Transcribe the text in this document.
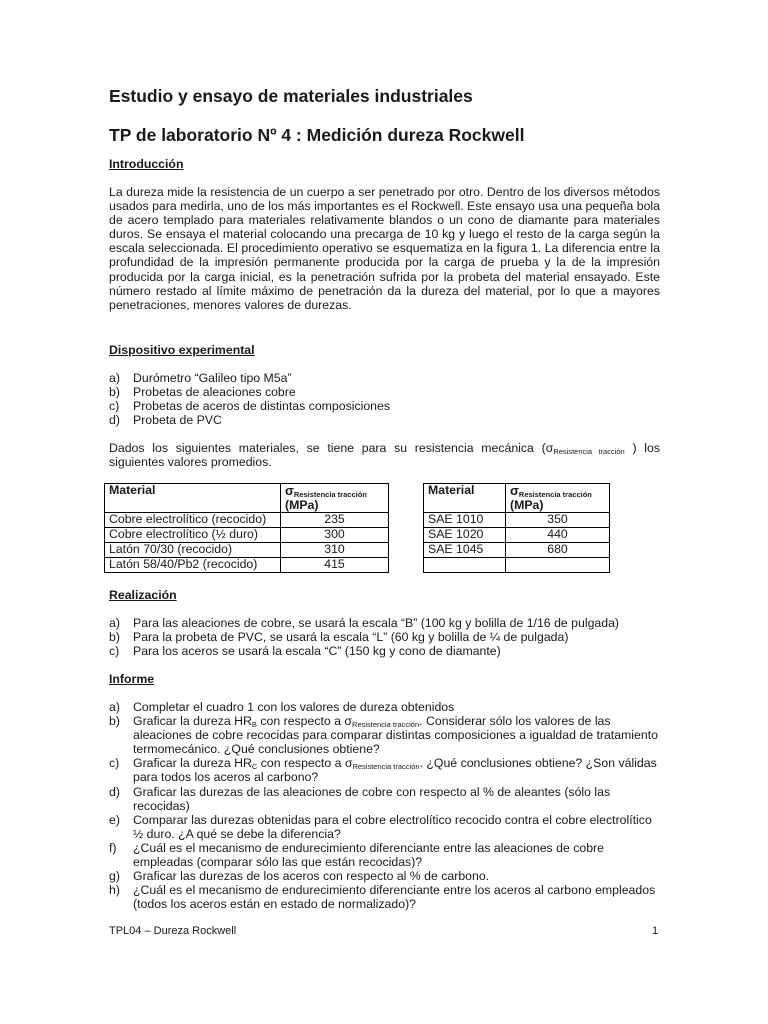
Estudio y ensayo de materiales industriales
TP de laboratorio Nº 4 : Medición dureza Rockwell
Introducción

La dureza mide la resistencia de un cuerpo a ser penetrado por otro. Dentro de los diversos métodos usados para medirla, uno de los más importantes es el Rockwell. Este ensayo usa una pequeña bola de acero templado para materiales relativamente blandos o un cono de diamante para materiales duros. Se ensaya el material colocando una precarga de 10 kg y luego el resto de la carga según la escala seleccionada. El procedimiento operativo se esquematiza en la figura 1. La diferencia entre la profundidad de la impresión permanente producida por la carga de prueba y la de la impresión producida por la carga inicial, es la penetración sufrida por la probeta del material ensayado. Este número restado al límite máximo de penetración da la dureza del material, por lo que a mayores penetraciones, menores valores de durezas.

Dispositivo experimental
a) Durómetro “Galileo tipo M5a”
b) Probetas de aleaciones cobre
c) Probetas de aceros de distintas composiciones
d) Probeta de PVC

Dados los siguientes materiales, se tiene para su resistencia mecánica ($\sigma_{Resistencia tracción}$ ) los siguientes valores promedios.

Material	$\sigma_{Resistencia tracción}$
(MPa)
Cobre electrolítico (recocido)	235
Cobre electrolítico (½ duro)	300
Latón 70/30 (recocido)	310
Latón 58/40/Pb2 (recocido)	415
Material	$\sigma_{Resistencia tracción}$
(MPa)
SAE 1010	350
SAE 1020	440
SAE 1045	680

Realización
a) Para las aleaciones de cobre, se usará la escala “B” (100 kg y bolilla de 1/16 de pulgada)
b) Para la probeta de PVC, se usará la escala “L” (60 kg y bolilla de ¼ de pulgada)
c) Para los aceros se usará la escala “C” (150 kg y cono de diamante)
Informe
a) Completar el cuadro 1 con los valores de dureza obtenidos
b) Graficar la dureza $HR_B$ con respecto a $\sigma_{Resistencia tracción}$. Considerar sólo los valores de las aleaciones de cobre recocidas para comparar distintas composiciones a igualdad de tratamiento termomecánico. ¿Qué conclusiones obtiene?
c) Graficar la dureza $HR_C$ con respecto a $\sigma_{Resistencia tracción}$. ¿Qué conclusiones obtiene? ¿Son válidas para todos los aceros al carbono?
d) Graficar las durezas de las aleaciones de cobre con respecto al % de aleantes (sólo las recocidas)
e) Comparar las durezas obtenidas para el cobre electrolítico recocido contra el cobre electrolítico ½ duro. ¿A qué se debe la diferencia?
f) ¿Cuál es el mecanismo de endurecimiento diferenciante entre las aleaciones de cobre empleadas (comparar sólo las que están recocidas)?
g) Graficar las durezas de los aceros con respecto al % de carbono.
h) ¿Cuál es el mecanismo de endurecimiento diferenciante entre los aceros al carbono empleados (todos los aceros están en estado de normalizado)?
TPL04 – Dureza Rockwell	1
